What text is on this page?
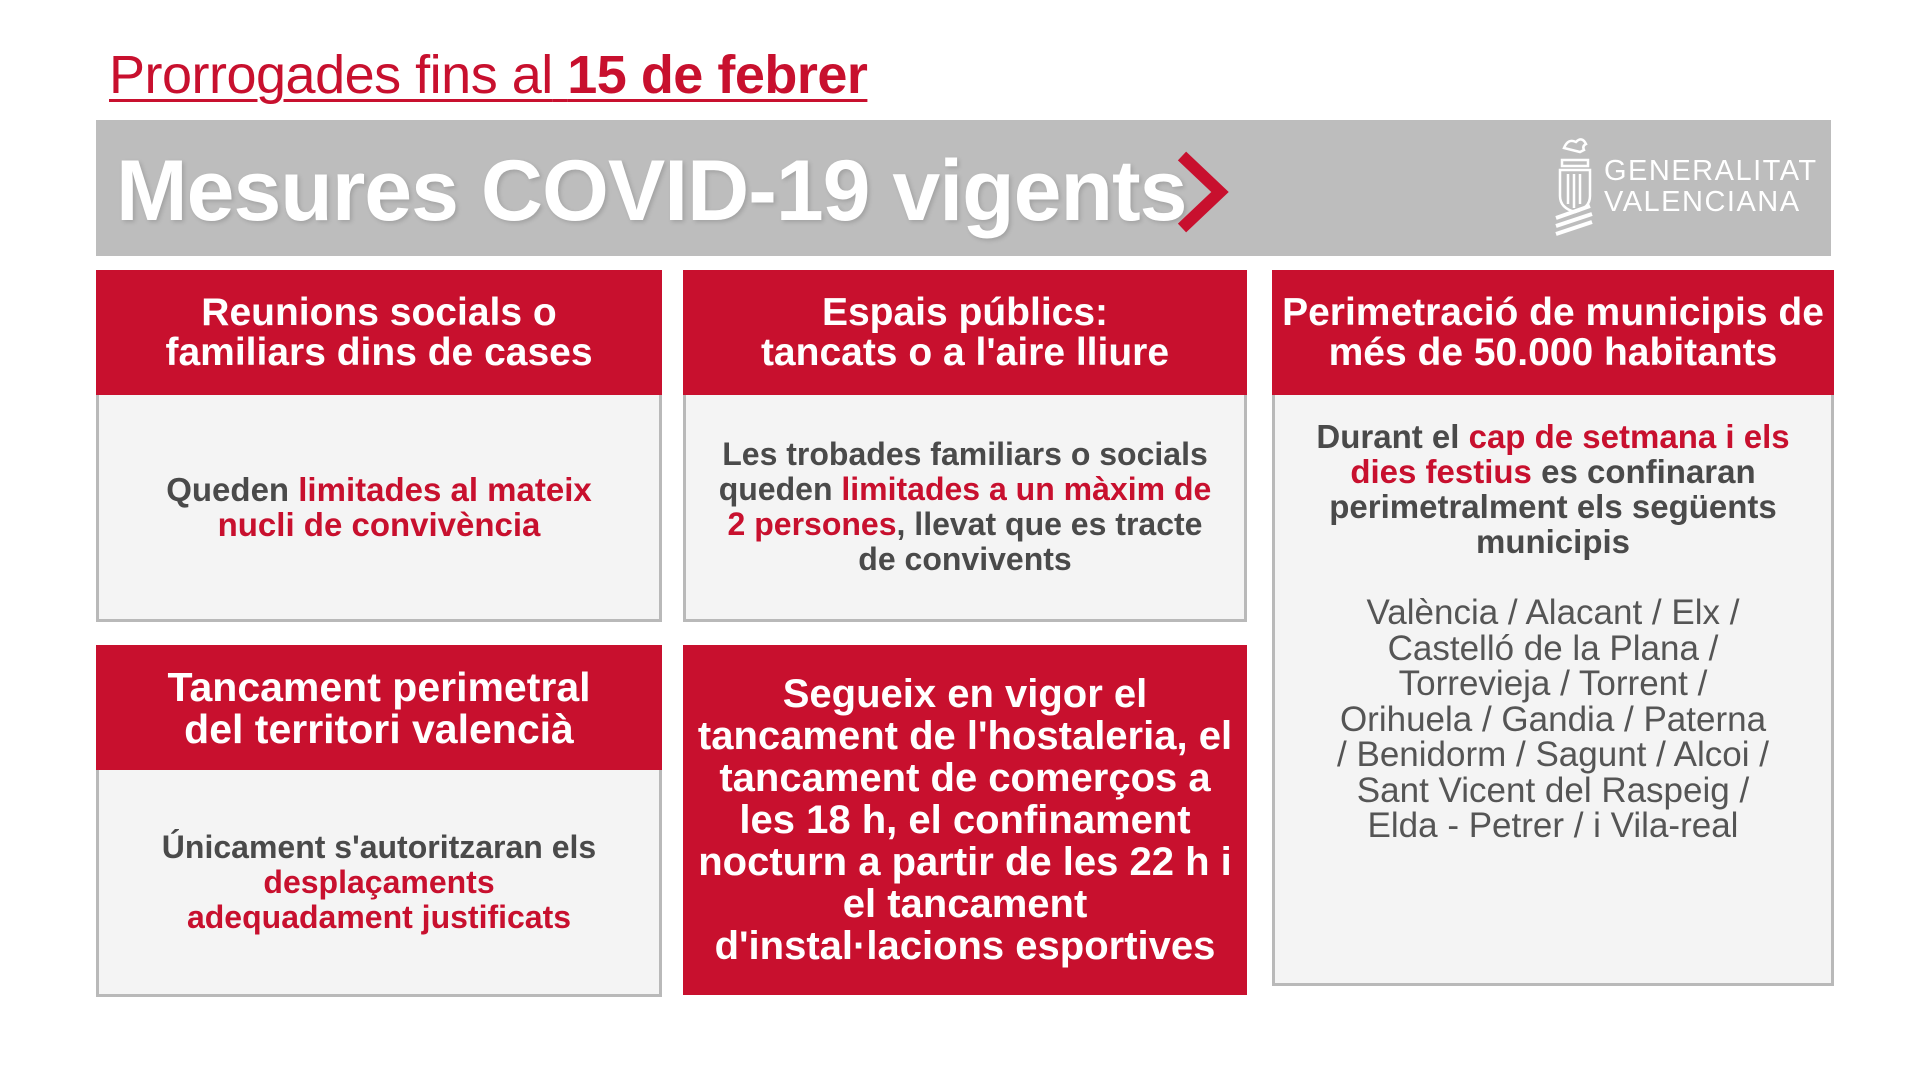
Prorrogades fins al 15 de febrer
Mesures COVID-19 vigents	GENERALITAT
VALENCIANA
Reunions socials o
familiars dins de cases
Queden limitades al mateix nucli de convivència
Espais públics:
tancats o a l'aire lliure
Les trobades familiars o socials queden limitades a un màxim de 2 persones, llevat que es tracte de convivents
Perimetració de municipis de
més de 50.000 habitants
Durant el cap de setmana i els dies festius es confinaran perimetralment els següents municipis
València / Alacant / Elx / Castelló de la Plana / Torrevieja / Torrent / Orihuela / Gandia / Paterna / Benidorm / Sagunt / Alcoi / Sant Vicent del Raspeig / Elda - Petrer / i Vila-real
Tancament perimetral
del territori valencià
Únicament s'autoritzaran els desplaçaments adequadament justificats
Segueix en vigor el tancament de l'hostaleria, el tancament de comerços a les 18 h, el confinament nocturn a partir de les 22 h i el tancament d'instal·lacions esportives
